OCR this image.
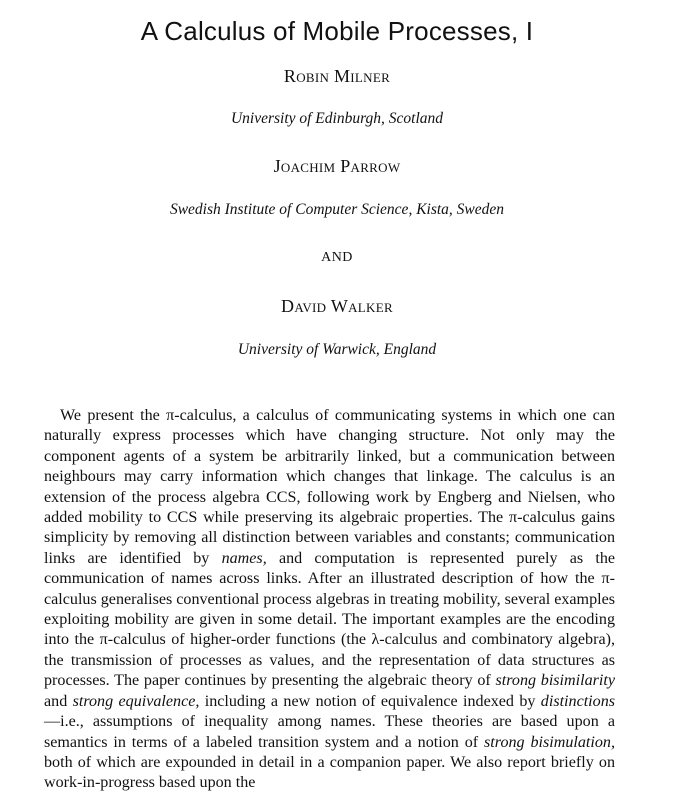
A Calculus of Mobile Processes, I
Robin Milner
University of Edinburgh, Scotland
Joachim Parrow
Swedish Institute of Computer Science, Kista, Sweden
AND
David Walker
University of Warwick, England

We present the π-calculus, a calculus of communicating systems in which one can naturally express processes which have changing structure. Not only may the component agents of a system be arbitrarily linked, but a communication between neighbours may carry information which changes that linkage. The calculus is an extension of the process algebra CCS, following work by Engberg and Nielsen, who added mobility to CCS while preserving its algebraic properties. The π-calculus gains simplicity by removing all distinction between variables and constants; communication links are identified by names, and computation is represented purely as the communication of names across links. After an illustrated description of how the π-calculus generalises conventional process algebras in treating mobility, several examples exploiting mobility are given in some detail. The important examples are the encoding into the π-calculus of higher-order functions (the λ-calculus and combinatory algebra), the transmission of processes as values, and the representation of data structures as processes. The paper continues by presenting the algebraic theory of strong bisimilarity and strong equivalence, including a new notion of equivalence indexed by distinctions—i.e., assumptions of inequality among names. These theories are based upon a semantics in terms of a labeled transition system and a notion of strong bisimulation, both of which are expounded in detail in a companion paper. We also report briefly on work-in-progress based upon the
